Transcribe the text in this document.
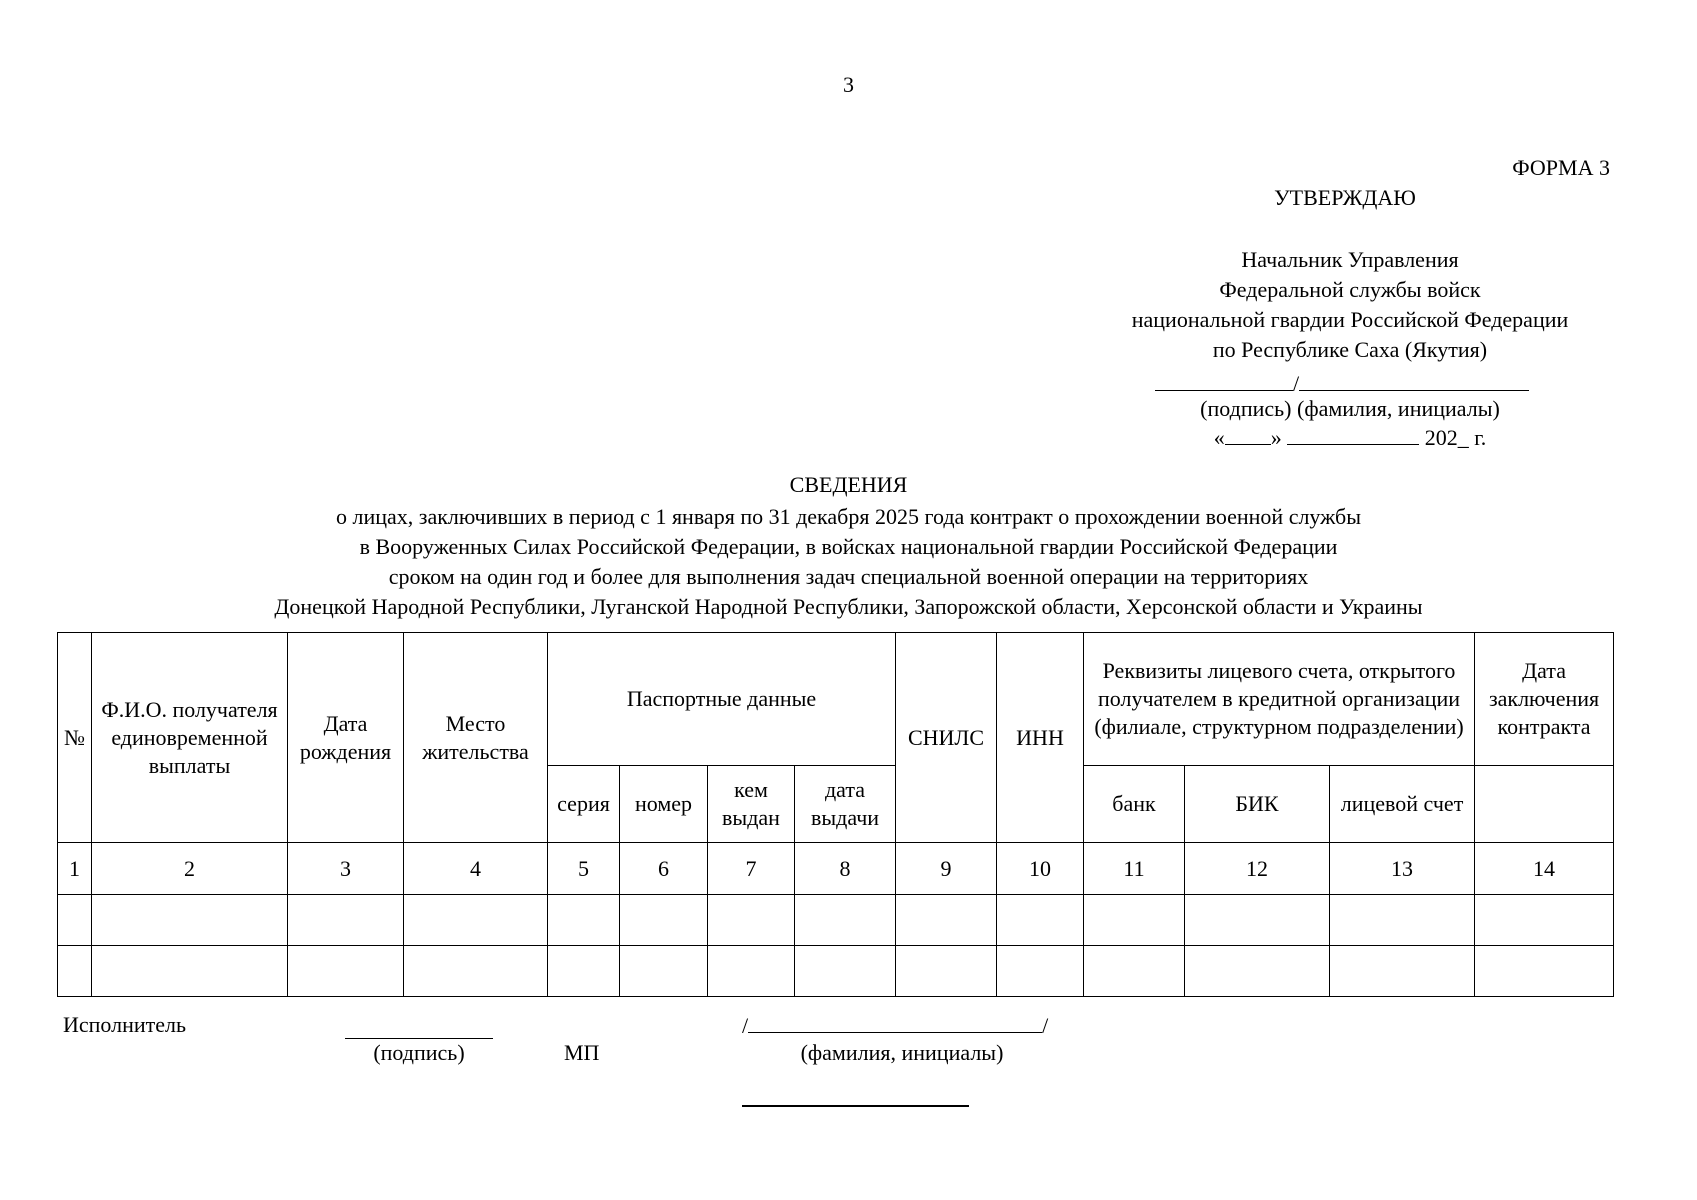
3
ФОРМА 3
УТВЕРЖДАЮ
Начальник Управления
Федеральной службы войск
национальной гвардии Российской Федерации
по Республике Саха (Якутия)
/
(подпись) (фамилия, инициалы)
« »	202_ г.
СВЕДЕНИЯ
о лицах, заключивших в период с 1 января по 31 декабря 2025 года контракт о прохождении военной службы
в Вооруженных Силах Российской Федерации, в войсках национальной гвардии Российской Федерации
сроком на один год и более для выполнения задач специальной военной операции на территориях
Донецкой Народной Республики, Луганской Народной Республики, Запорожской области, Херсонской области и Украины
№	Ф.И.О. получателя единовременной выплаты	Дата рождения	Место жительства	Паспортные данные				СНИЛС	ИНН	Реквизиты лицевого счета, открытого получателем в кредитной организации (филиале, структурном подразделении)			Дата заключения контракта
				серия	номер	кем выдан	дата выдачи			банк	БИК	лицевой счет	
1	2	3	4	5	6	7	8	9	10	11	12	13	14

Исполнитель
(подпись)	МП
/	/
(фамилия, инициалы)
